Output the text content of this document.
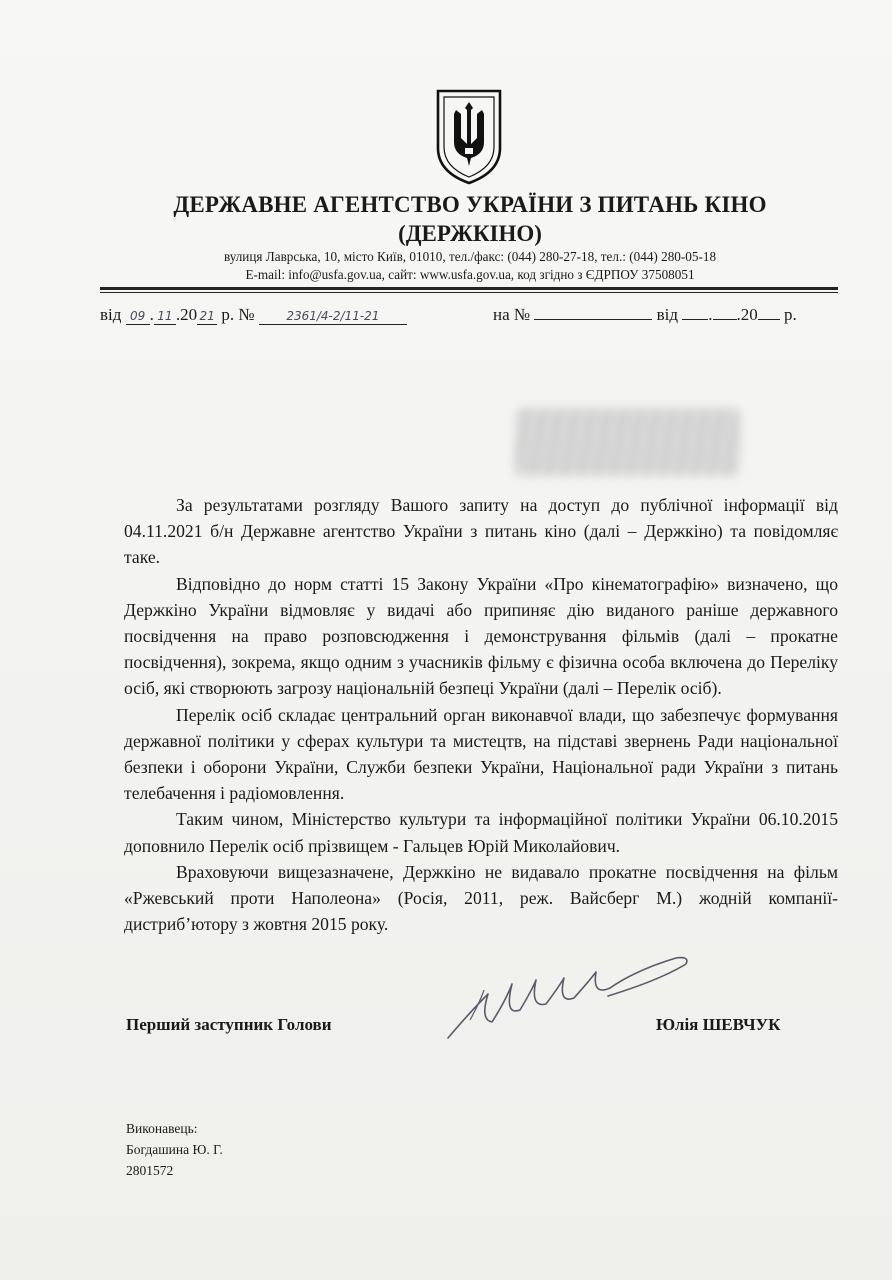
ДЕРЖАВНЕ АГЕНТСТВО УКРАЇНИ З ПИТАНЬ КІНО
(ДЕРЖКІНО)
вулиця Лаврська, 10, місто Київ, 01010, тел./факс: (044) 280-27-18, тел.: (044) 280-05-18
E-mail: info@usfa.gov.ua, сайт: www.usfa.gov.ua, код згідно з ЄДРПОУ 37508051
від 09 . 11 .20 21 р. №	2361/4-2/11-21	на №	від . .20 р.

За результатами розгляду Вашого запиту на доступ до публічної інформації від 04.11.2021 б/н Державне агентство України з питань кіно (далі – Держкіно) та повідомляє таке.

Відповідно до норм статті 15 Закону України «Про кінематографію» визначено, що Держкіно України відмовляє у видачі або припиняє дію виданого раніше державного посвідчення на право розповсюдження і демонстрування фільмів (далі – прокатне посвідчення), зокрема, якщо одним з учасників фільму є фізична особа включена до Переліку осіб, які створюють загрозу національній безпеці України (далі – Перелік осіб).

Перелік осіб складає центральний орган виконавчої влади, що забезпечує формування державної політики у сферах культури та мистецтв, на підставі звернень Ради національної безпеки і оборони України, Служби безпеки України, Національної ради України з питань телебачення і радіомовлення.

Таким чином, Міністерство культури та інформаційної політики України 06.10.2015 доповнило Перелік осіб прізвищем - Гальцев Юрій Миколайович.

Враховуючи вищезазначене, Держкіно не видавало прокатне посвідчення на фільм «Ржевський проти Наполеона» (Росія, 2011, реж. Вайсберг М.) жодній компанії-дистриб’ютору з жовтня 2015 року.

Перший заступник Голови	Юлія ШЕВЧУК
Виконавець:
Богдашина Ю. Г.
2801572
